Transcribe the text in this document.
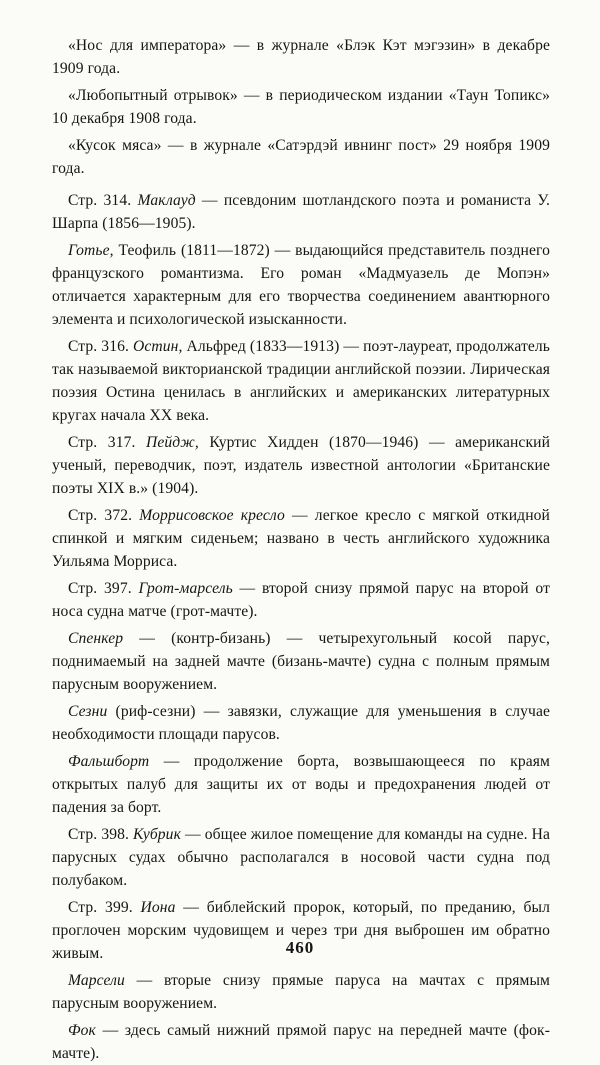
«Нос для императора» — в журнале «Блэк Кэт мэгэзин» в декабре 1909 года.

«Любопытный отрывок» — в периодическом издании «Таун Топикс» 10 декабря 1908 года.

«Кусок мяса» — в журнале «Сатэрдэй ивнинг пост» 29 ноября 1909 года.

Стр. 314. Маклауд — псевдоним шотландского поэта и романиста У. Шарпа (1856—1905).

Готье, Теофиль (1811—1872) — выдающийся представитель позднего французского романтизма. Его роман «Мадмуазель де Мопэн» отличается характерным для его творчества соединением авантюрного элемента и психологической изысканности.

Стр. 316. Остин, Альфред (1833—1913) — поэт-лауреат, продолжатель так называемой викторианской традиции английской поэзии. Лирическая поэзия Остина ценилась в английских и американских литературных кругах начала XX века.

Стр. 317. Пейдж, Куртис Хидден (1870—1946) — американский ученый, переводчик, поэт, издатель известной антологии «Британские поэты XIX в.» (1904).

Стр. 372. Моррисовское кресло — легкое кресло с мягкой откидной спинкой и мягким сиденьем; названо в честь английского художника Уильяма Морриса.

Стр. 397. Грот-марсель — второй снизу прямой парус на второй от носа судна матче (грот-мачте).

Спенкер — (контр-бизань) — четырехугольный косой парус, поднимаемый на задней мачте (бизань-мачте) судна с полным прямым парусным вооружением.

Сезни (риф-сезни) — завязки, служащие для уменьшения в случае необходимости площади парусов.

Фальшборт — продолжение борта, возвышающееся по краям открытых палуб для защиты их от воды и предохранения людей от падения за борт.

Стр. 398. Кубрик — общее жилое помещение для команды на судне. На парусных судах обычно располагался в носовой части судна под полубаком.

Стр. 399. Иона — библейский пророк, который, по преданию, был проглочен морским чудовищем и через три дня выброшен им обратно живым.

Марсели — вторые снизу прямые паруса на мачтах с прямым парусным вооружением.

Фок — здесь самый нижний прямой парус на передней мачте (фок-мачте).

460
